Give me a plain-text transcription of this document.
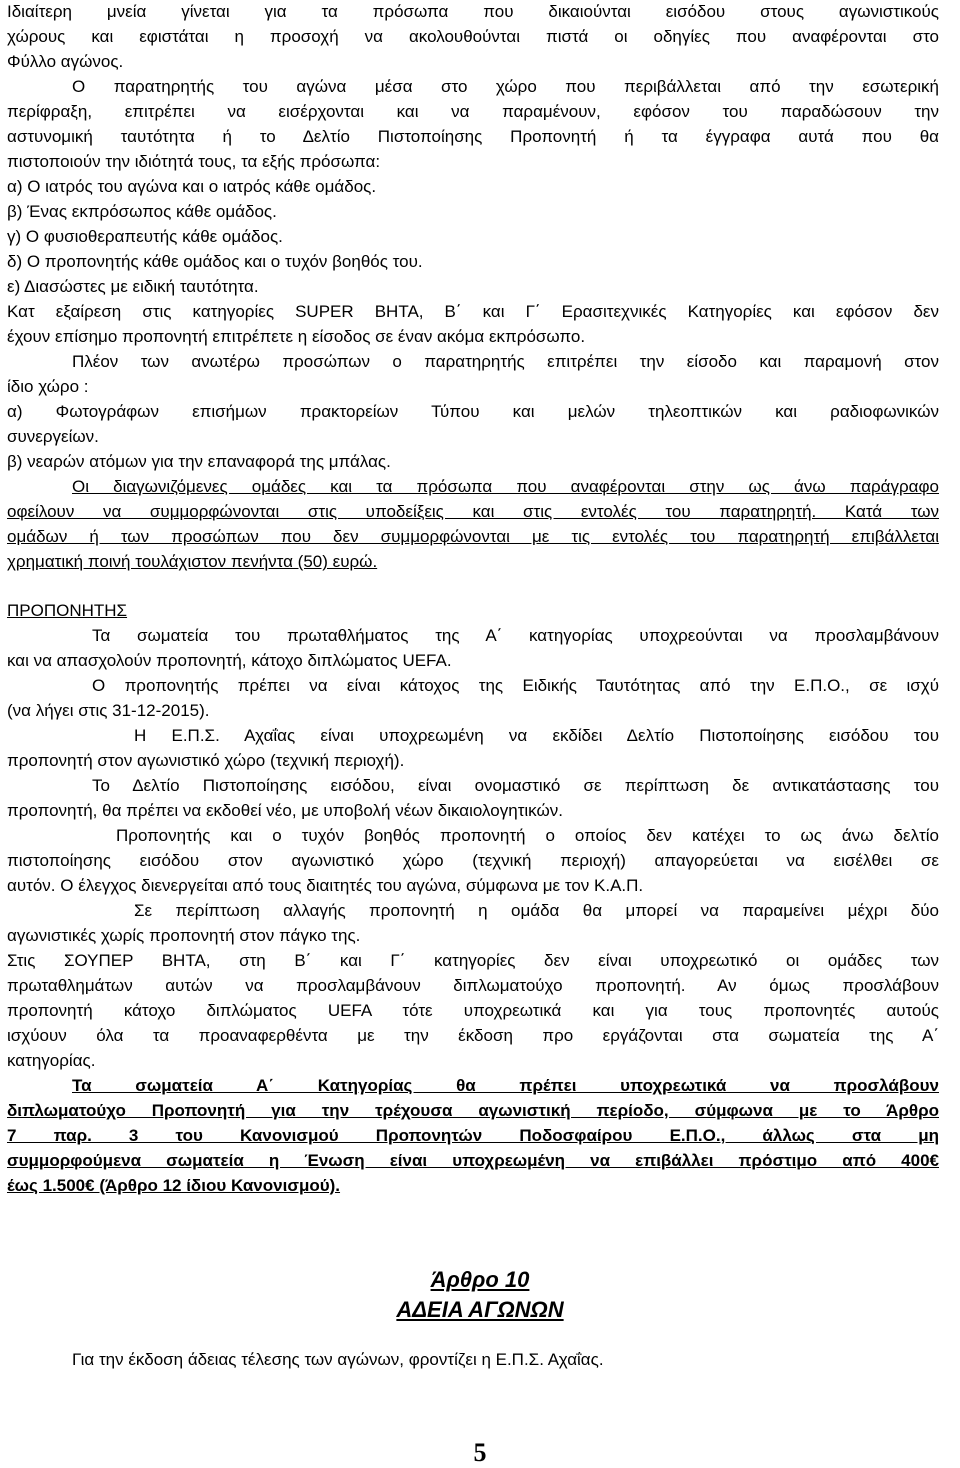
Ιδιαίτερη μνεία γίνεται για τα πρόσωπα που δικαιούνται εισόδου στους αγωνιστικούς

χώρους και εφιστάται η προσοχή να ακολουθούνται πιστά οι οδηγίες που αναφέρονται στο

Φύλλο αγώνος.

Ο παρατηρητής του αγώνα μέσα στο χώρο που περιβάλλεται από την εσωτερική

περίφραξη, επιτρέπει να εισέρχονται και να παραμένουν, εφόσον του παραδώσουν την

αστυνομική ταυτότητα ή το Δελτίο Πιστοποίησης Προπονητή ή τα έγγραφα αυτά που θα

πιστοποιούν την ιδιότητά τους, τα εξής πρόσωπα:

α) Ο ιατρός του αγώνα και ο ιατρός κάθε ομάδος.

β) Ένας εκπρόσωπος κάθε ομάδος.

γ) Ο φυσιοθεραπευτής κάθε ομάδος.

δ) Ο προπονητής κάθε ομάδος και ο τυχόν βοηθός του.

ε) Διασώστες με ειδική ταυτότητα.

Κατ εξαίρεση στις κατηγορίες SUPER BHTA, Β΄ και Γ΄ Ερασιτεχνικές Κατηγορίες και εφόσον δεν

έχουν επίσημο προπονητή επιτρέπετε η είσοδος σε έναν ακόμα εκπρόσωπο.

Πλέον των ανωτέρω προσώπων ο παρατηρητής επιτρέπει την είσοδο και παραμονή στον

ίδιο χώρο :

α) Φωτογράφων επισήμων πρακτορείων Τύπου και μελών τηλεοπτικών και ραδιοφωνικών

συνεργείων.

β) νεαρών ατόμων για την επαναφορά της μπάλας.

Οι διαγωνιζόμενες ομάδες και τα πρόσωπα που αναφέρονται στην ως άνω παράγραφο

οφείλουν να συμμορφώνονται στις υποδείξεις και στις εντολές του παρατηρητή. Κατά των

ομάδων ή των προσώπων που δεν συμμορφώνονται με τις εντολές του παρατηρητή επιβάλλεται

χρηματική ποινή τουλάχιστον πενήντα (50) ευρώ.

ΠΡΟΠΟΝΗΤΗΣ

Τα σωματεία του πρωταθλήματος της Α΄ κατηγορίας υποχρεούνται να προσλαμβάνουν

και να απασχολούν προπονητή, κάτοχο διπλώματος UEFA.

Ο προπονητής πρέπει να είναι κάτοχος της Ειδικής Ταυτότητας από την Ε.Π.Ο., σε ισχύ

(να λήγει στις 31-12-2015).

Η Ε.Π.Σ. Αχαΐας είναι υποχρεωμένη να εκδίδει Δελτίο Πιστοποίησης εισόδου του

προπονητή στον αγωνιστικό χώρο (τεχνική περιοχή).

Το Δελτίο Πιστοποίησης εισόδου, είναι ονομαστικό σε περίπτωση δε αντικατάστασης του

προπονητή, θα πρέπει να εκδοθεί νέο, με υποβολή νέων δικαιολογητικών.

Προπονητής και ο τυχόν βοηθός προπονητή ο οποίος δεν κατέχει το ως άνω δελτίο

πιστοποίησης εισόδου στον αγωνιστικό χώρο (τεχνική περιοχή) απαγορεύεται να εισέλθει σε

αυτόν. Ο έλεγχος διενεργείται από τους διαιτητές του αγώνα, σύμφωνα με τον Κ.Α.Π.

Σε περίπτωση αλλαγής προπονητή η ομάδα θα μπορεί να παραμείνει μέχρι δύο

αγωνιστικές χωρίς προπονητή στον πάγκο της.

Στις ΣΟΥΠΕΡ ΒΗΤΑ, στη Β΄ και Γ΄ κατηγορίες δεν είναι υποχρεωτικό οι ομάδες των

πρωταθλημάτων αυτών να προσλαμβάνουν διπλωματούχο προπονητή. Αν όμως προσλάβουν

προπονητή κάτοχο διπλώματος UEFA τότε υποχρεωτικά και για τους προπονητές αυτούς

ισχύουν όλα τα προαναφερθέντα με την έκδοση προ εργάζονται στα σωματεία της Α΄

κατηγορίας.

Τα σωματεία Α΄ Κατηγορίας θα πρέπει υποχρεωτικά να προσλάβουν

διπλωματούχο Προπονητή για την τρέχουσα αγωνιστική περίοδο, σύμφωνα με το Άρθρο

7 παρ. 3 του Κανονισμού Προπονητών Ποδοσφαίρου Ε.Π.Ο., άλλως στα μη

συμμορφούμενα σωματεία η Ένωση είναι υποχρεωμένη να επιβάλλει πρόστιμο από 400€

έως 1.500€ (Άρθρο 12 ίδιου Κανονισμού).

Άρθρο 10

ΑΔΕΙΑ ΑΓΩΝΩΝ

Για την έκδοση άδειας τέλεσης των αγώνων, φροντίζει η Ε.Π.Σ. Αχαΐας.

5
